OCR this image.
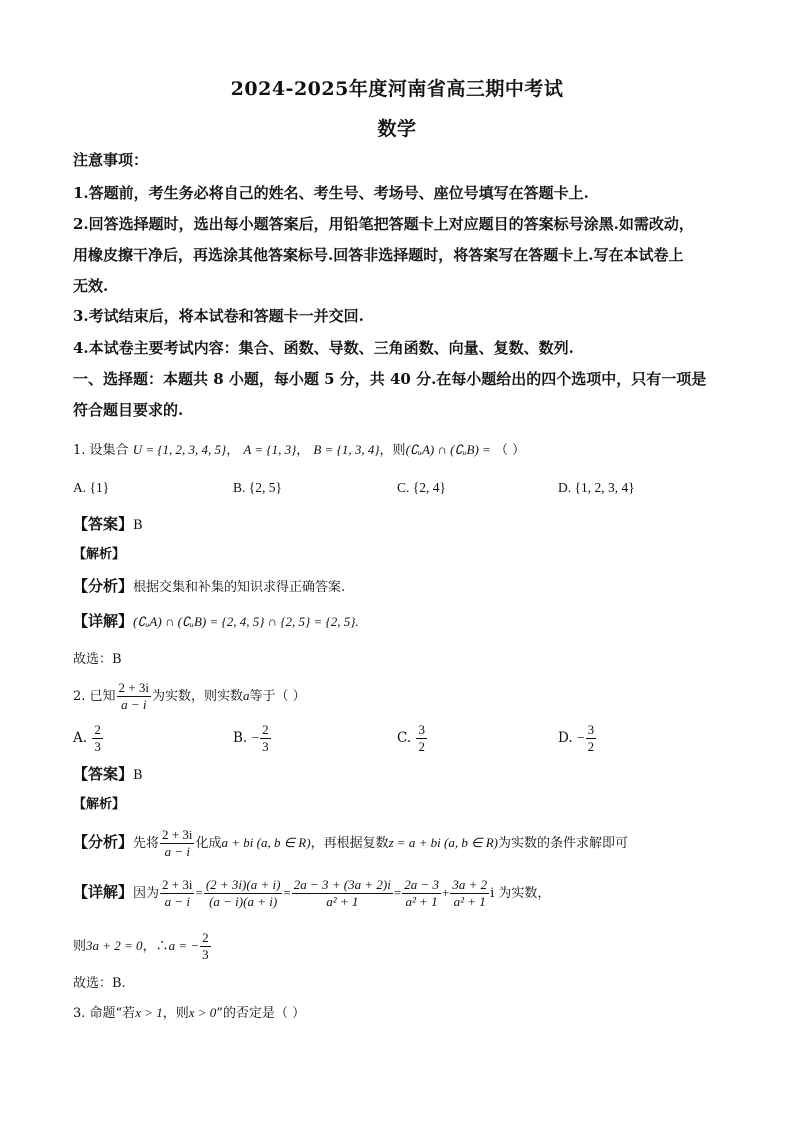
2024-2025年度河南省高三期中考试
数学
注意事项：
1.答题前，考生务必将自己的姓名、考生号、考场号、座位号填写在答题卡上.
2.回答选择题时，选出每小题答案后，用铅笔把答题卡上对应题目的答案标号涂黑.如需改动，
用橡皮擦干净后，再选涂其他答案标号.回答非选择题时，将答案写在答题卡上.写在本试卷上
无效.
3.考试结束后，将本试卷和答题卡一并交回.
4.本试卷主要考试内容：集合、函数、导数、三角函数、向量、复数、数列.
一、选择题：本题共 8 小题，每小题 5 分，共 40 分.在每小题给出的四个选项中，只有一项是
符合题目要求的.
1. 设集合 U = {1, 2, 3, 4, 5}， A = {1, 3}， B = {1, 3, 4}，则(∁ᵤA) ∩ (∁ᵤB) = （ ）
A. {1}	B. {2, 5}	C. {2, 4}	D. {1, 2, 3, 4}
【答案】B
【解析】
【分析】根据交集和补集的知识求得正确答案.
【详解】(∁ᵤA) ∩ (∁ᵤB) = {2, 4, 5} ∩ {2, 5} = {2, 5}.
故选：B
2. 已知 $\frac{2 + 3i}{a - i}$ 为实数，则实数a等于（ ）
A. $\frac{2}{3}$	B. − $\frac{2}{3}$	C. $\frac{3}{2}$	D. − $\frac{3}{2}$
【答案】B
【解析】
【分析】先将 $\frac{2 + 3i}{a - i}$ 化成a + bi (a, b ∈ R)，再根据复数z = a + bi (a, b ∈ R)为实数的条件求解即可
【详解】因为 $\frac{2 + 3i}{a - i} = \frac{(2 + 3i)(a + i)}{(a - i)(a + i)} = \frac{2a - 3 + (3a + 2)i}{\text{a² + 1}} = \frac{2a - 3}{\text{a² + 1}} + \frac{3a + 2}{\text{a² + 1}}$ i 为实数，
则3a + 2 = 0，∴a = − $\frac{2}{3}$
故选：B.
3. 命题“若x > 1，则x > 0”的否定是（ ）
